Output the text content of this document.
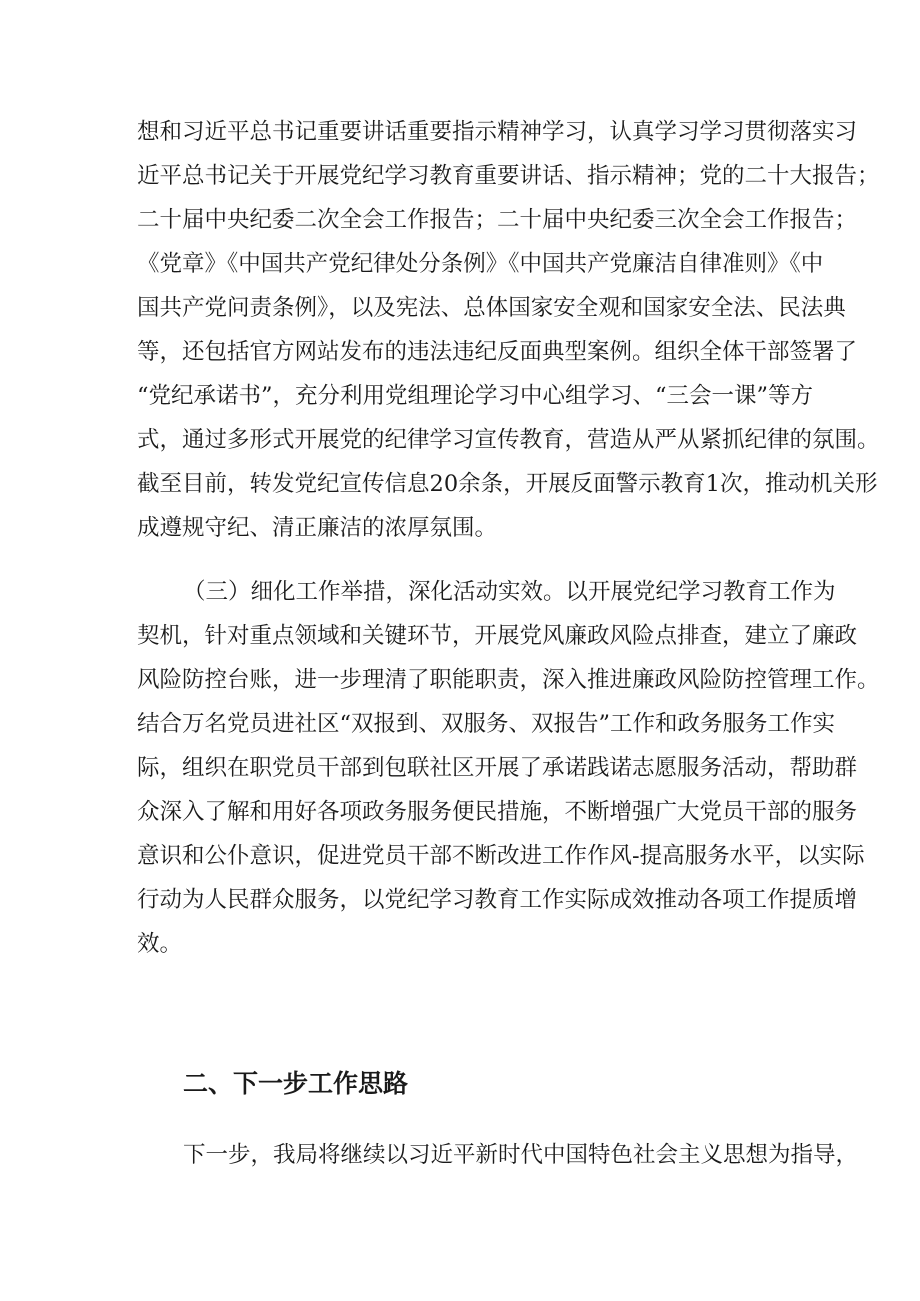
想和习近平总书记重要讲话重要指示精神学习，认真学习学习贯彻落实习
近平总书记关于开展党纪学习教育重要讲话、指示精神；党的二十大报告；
二十届中央纪委二次全会工作报告；二十届中央纪委三次全会工作报告；
《党章》《中国共产党纪律处分条例》《中国共产党廉洁自律准则》《中
国共产党问责条例》，以及宪法、总体国家安全观和国家安全法、民法典
等，还包括官方网站发布的违法违纪反面典型案例。组织全体干部签署了
“党纪承诺书”，充分利用党组理论学习中心组学习、“三会一课”等方
式，通过多形式开展党的纪律学习宣传教育，营造从严从紧抓纪律的氛围。
截至目前，转发党纪宣传信息20余条，开展反面警示教育1次，推动机关形
成遵规守纪、清正廉洁的浓厚氛围。
（三）细化工作举措，深化活动实效。以开展党纪学习教育工作为
契机，针对重点领域和关键环节，开展党风廉政风险点排查，建立了廉政
风险防控台账，进一步理清了职能职责，深入推进廉政风险防控管理工作。
结合万名党员进社区“双报到、双服务、双报告”工作和政务服务工作实
际，组织在职党员干部到包联社区开展了承诺践诺志愿服务活动，帮助群
众深入了解和用好各项政务服务便民措施，不断增强广大党员干部的服务
意识和公仆意识，促进党员干部不断改进工作作风-提高服务水平，以实际
行动为人民群众服务，以党纪学习教育工作实际成效推动各项工作提质增
效。
二、下一步工作思路
下一步，我局将继续以习近平新时代中国特色社会主义思想为指导，
